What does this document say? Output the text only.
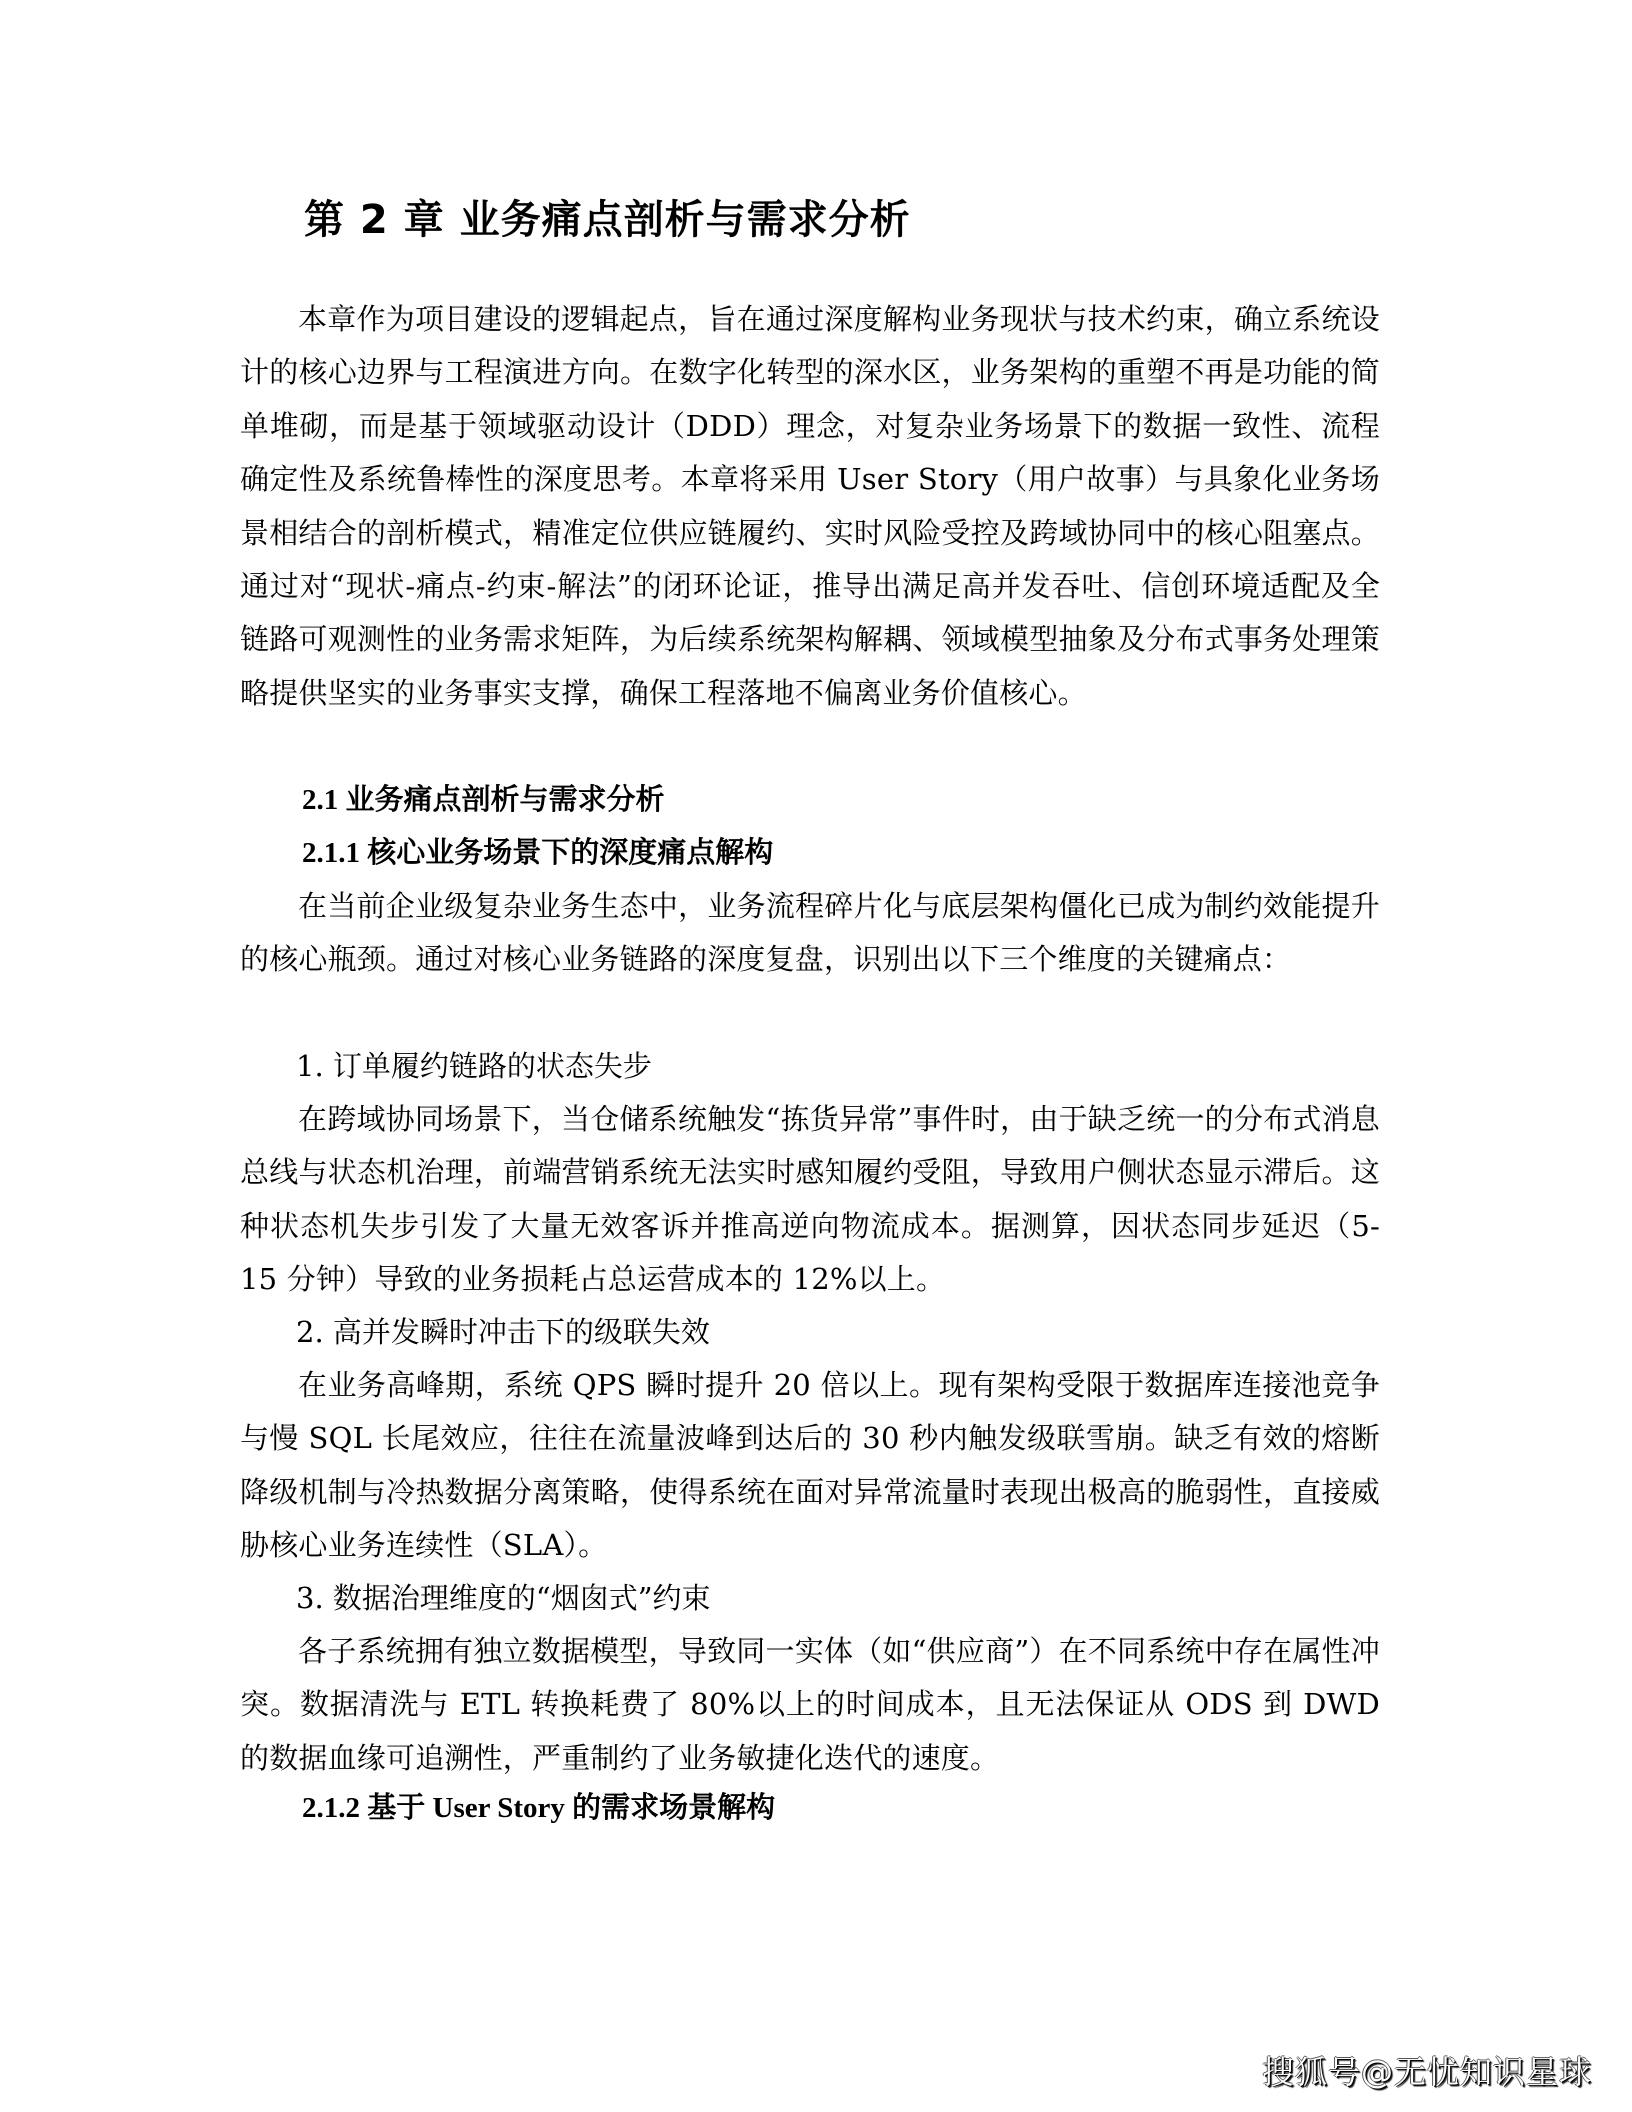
第 2 章 业务痛点剖析与需求分析

本章作为项目建设的逻辑起点，旨在通过深度解构业务现状与技术约束，确立系统设计的核心边界与工程演进方向。在数字化转型的深水区，业务架构的重塑不再是功能的简单堆砌，而是基于领域驱动设计（DDD）理念，对复杂业务场景下的数据一致性、流程确定性及系统鲁棒性的深度思考。本章将采用 User Story（用户故事）与具象化业务场景相结合的剖析模式，精准定位供应链履约、实时风险受控及跨域协同中的核心阻塞点。通过对“现状-痛点-约束-解法”的闭环论证，推导出满足高并发吞吐、信创环境适配及全链路可观测性的业务需求矩阵，为后续系统架构解耦、领域模型抽象及分布式事务处理策略提供坚实的业务事实支撑，确保工程落地不偏离业务价值核心。

2.1 业务痛点剖析与需求分析
2.1.1 核心业务场景下的深度痛点解构

在当前企业级复杂业务生态中，业务流程碎片化与底层架构僵化已成为制约效能提升的核心瓶颈。通过对核心业务链路的深度复盘，识别出以下三个维度的关键痛点：

1. 订单履约链路的状态失步

在跨域协同场景下，当仓储系统触发“拣货异常”事件时，由于缺乏统一的分布式消息总线与状态机治理，前端营销系统无法实时感知履约受阻，导致用户侧状态显示滞后。这种状态机失步引发了大量无效客诉并推高逆向物流成本。据测算，因状态同步延迟（5-15 分钟）导致的业务损耗占总运营成本的 12%以上。

2. 高并发瞬时冲击下的级联失效

在业务高峰期，系统 QPS 瞬时提升 20 倍以上。现有架构受限于数据库连接池竞争与慢 SQL 长尾效应，往往在流量波峰到达后的 30 秒内触发级联雪崩。缺乏有效的熔断降级机制与冷热数据分离策略，使得系统在面对异常流量时表现出极高的脆弱性，直接威胁核心业务连续性（SLA）。

3. 数据治理维度的“烟囱式”约束

各子系统拥有独立数据模型，导致同一实体（如“供应商”）在不同系统中存在属性冲突。数据清洗与 ETL 转换耗费了 80%以上的时间成本，且无法保证从 ODS 到 DWD 的数据血缘可追溯性，严重制约了业务敏捷化迭代的速度。

2.1.2 基于 User Story 的需求场景解构
搜狐号@无忧知识星球
